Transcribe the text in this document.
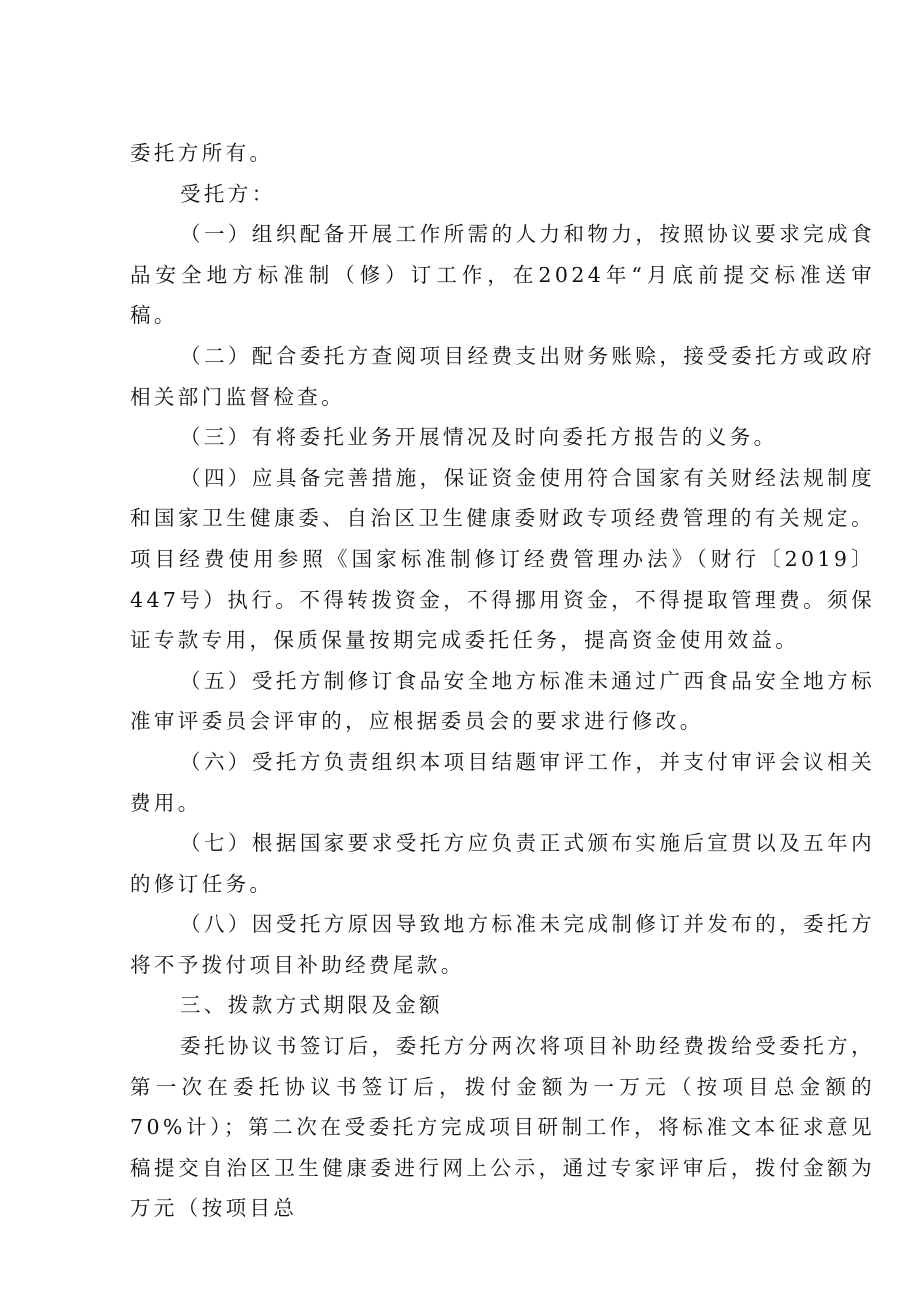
委托方所有。

受托方：

（一）组织配备开展工作所需的人力和物力，按照协议要求完成食品安全地方标准制（修）订工作，在2024年“月底前提交标准送审稿。

（二）配合委托方查阅项目经费支出财务账赊，接受委托方或政府相关部门监督检查。

（三）有将委托业务开展情况及时向委托方报告的义务。

（四）应具备完善措施，保证资金使用符合国家有关财经法规制度和国家卫生健康委、自治区卫生健康委财政专项经费管理的有关规定。项目经费使用参照《国家标准制修订经费管理办法》（财行〔2019〕447号）执行。不得转拨资金，不得挪用资金，不得提取管理费。须保证专款专用，保质保量按期完成委托任务，提高资金使用效益。

（五）受托方制修订食品安全地方标准未通过广西食品安全地方标准审评委员会评审的，应根据委员会的要求进行修改。

（六）受托方负责组织本项目结题审评工作，并支付审评会议相关费用。

（七）根据国家要求受托方应负责正式颁布实施后宣贯以及五年内的修订任务。

（八）因受托方原因导致地方标准未完成制修订并发布的，委托方将不予拨付项目补助经费尾款。

三、拨款方式期限及金额

委托协议书签订后，委托方分两次将项目补助经费拨给受委托方，第一次在委托协议书签订后，拨付金额为一万元（按项目总金额的70%计）；第二次在受委托方完成项目研制工作，将标准文本征求意见稿提交自治区卫生健康委进行网上公示，通过专家评审后，拨付金额为万元（按项目总
